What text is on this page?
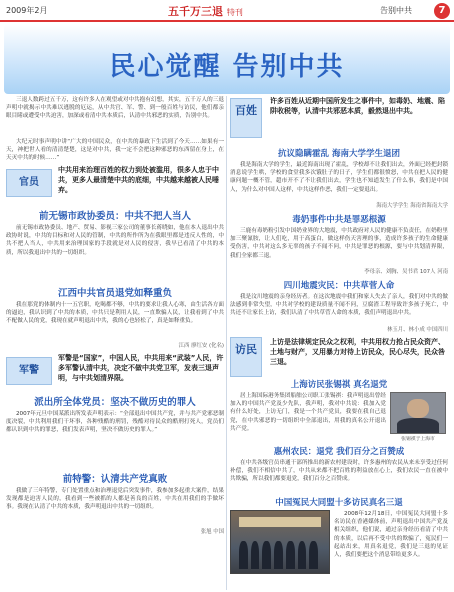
2009年2月	五千万三退 特刊	告别中共	7
民心觉醒 告别中共

三退人数跨过五千万，这有许多人在观望或对中共抱有幻想，其实，五千万人的三退声明中就揭示中共难以逃脱的厄运，从中共官、军、警、到一般百姓与访民，他们都亲眼目睹或遭受中共迫害，加深或看清中共本质后，认清中共邪恶的实质，告别中共。

大纪元时事声明中讲“广大的中国民众，在中共的暴政下生活到了今天……如果有一天，神把世人看的清清楚楚，这是对中共，我一定不会把这种邪恶的东西留在身上，在天灭中共的时候……”

官员
中共用来治理百姓的权力到处被滥用，很多人忠于中共，更多人最清楚中共的底细，中共越来越被人民唾弃。
前无锡市政协委员：中共不把人当人

前无锡市政协委员、地产、贸易、影视三家公司的董事长蒋晓如，他在本人退出中共政协时说，中共的目标和对人民的管制，中共的所作所为在我眼里都是违反人性的，中共不把人当人，中共用来治理国家的手段就是对人民的侵害，我早已看清了中共的本质，所以我退出中共的一切组织。

江西中共官员退党如释重负

我在那党的体制内十一五官职，吃喝都不够，中共的要求让我人心寒，由生活各方面的逼迫，我认识到了中共的本质，中共只是利用人民，一直欺骗人民，让我看到了中共不配做人民的党，我现在就声明退出中共，我的心也轻松了，真是如释重负。

江西 廖红安 (化名)
军警
军警是“国家”，中国人民，中共用来“武装”人民，许多军警认清中共，决定不做中共党卫军，发表三退声明，与中共划清界限。
派出所全体党员：坚决不做历史的罪人

2007年元旦中国某派出所发表声明表示：“全部退出中国共产党，并与共产党邪恶制度决裂，中共利用我们干坏事，各种残酷的刑罚，残酷对待民众的酷刑打死人，党员们都认识到中共的罪恶，我们发表声明，坚决不做历史的罪人。”

前特警：认清共产党真败

我做了三年特警，专门处置重点和治理退党后突发事件，我参加多起重大案件，结果发现都是迫害人民的，我看到一些被抓的人都是善良的百姓，中共在用我们的手做坏事。我现在认清了中共的本质，我声明退出中共的一切组织。

张旭 中国
百姓
许多百姓从近期中国所发生之事件中，如毒奶、地震、陷阱收税等，认清中共邪恶本质，毅然退出中共。
抗议隐瞒霍乱 海南大学学生退团

我是海南大学的学生，最近海南出现了霍乱，学校却不让我们出去，外面已经把封锁消息说学生哄，学校的食堂我多次饿肚子的日子，学生们都很愤怒，中共在把人民的健康问题一概不管，超市开不了不让我们出去，学生也不知道发生了什么事，我们是中国人，为什么对中国人这样，中共这样作恶，我们一定要退出。

海南大学学生 海南省海南大学
毒奶事件中共是罪恶根源

三鹿有毒奶粉引发中国奶业界的大地震，中共政府对人民的健康不负责任，在奶粉里加三聚氰胺，让人们吃，用于高蛋白，做这样伤天害理的事，造成许多孩子的生命健康受伤害，中共对这么多无辜的孩子不闻不问，中共是罪恶的根源，要与中共划清界限，我们全家都三退。

李母亲、刘胸、吴书君 107人 河南
四川地震灾民：中共草菅人命

我是汶川地震的亲身经历者。在这次地震中我们和家人失去了亲人，我们对中共的做法感到非常失望，中共对学校的建设质量不闻不问，豆腐渣工程导致许多孩子死亡，中共还不让家长上访，我们认清了中共草菅人命的本质，我们声明退出中共。

林玉月、林小成 中国四川
访民
上访是法律规定民众之权利，中共用权力抢占民众资产、土地与财产，又用暴力对待上访民众，民心尽失，民众咎三退。
上海访民张锡祺 真名退党

居上海国际港务集团船舶公司职工张锡祺：我声明退出曾经加入的中国共产党及少先队，我声明，我对中共说：我加入党有什么好处，上访无门，我是一个共产党员，我要在我自己退党，在中共邪恶的一切组织中全部退出，用我的真名公开退出共产党。

张锡祺于上海市
惠州农民：退党 我们百分之百赞成

在中共各级官员串通干部所推出的新农村建设时，许多惠州的农民从来未享受过任何补偿，我们不相信中共了，中共从来都不把百姓的利益放在心上，我们农民一直在被中共欺骗，所以我们都要退党，我们百分之百赞成。

中国冤民大同盟十多访民真名三退

2008年12月18日，中国冤民大同盟十多名访民在香港媒体前，声明退出中国共产党及相关组织，他们说，通过亲身经历看清了中共的本质，以后再不受中共的欺骗了，冤民们一起站出来，用真名退党，我们是三退的见证人，我们要把这个消息带给更多人。
